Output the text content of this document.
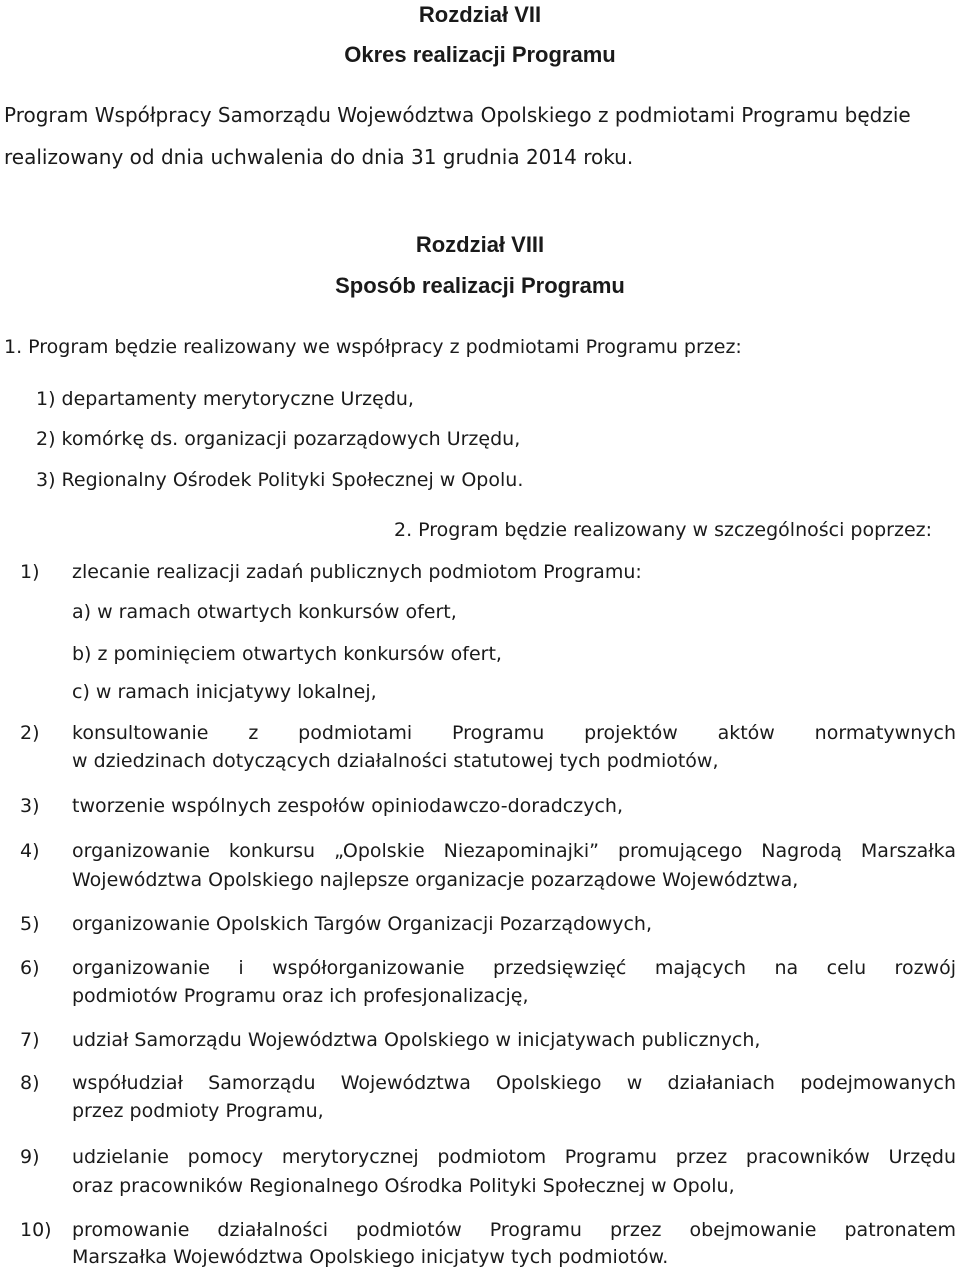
Rozdział VII
Okres realizacji Programu
Program Współpracy Samorządu Województwa Opolskiego z podmiotami Programu będzie
realizowany od dnia uchwalenia do dnia 31 grudnia 2014 roku.
Rozdział VIII
Sposób realizacji Programu
1. Program będzie realizowany we współpracy z podmiotami Programu przez:
1) departamenty merytoryczne Urzędu,
2) komórkę ds. organizacji pozarządowych Urzędu,
3) Regionalny Ośrodek Polityki Społecznej w Opolu.
2. Program będzie realizowany w szczególności poprzez:
1) zlecanie realizacji zadań publicznych podmiotom Programu:
a) w ramach otwartych konkursów ofert,
b) z pominięciem otwartych konkursów ofert,
c) w ramach inicjatywy lokalnej,
2) konsultowanie z podmiotami Programu projektów aktów normatywnych
w dziedzinach dotyczących działalności statutowej tych podmiotów,
3) tworzenie wspólnych zespołów opiniodawczo-doradczych,
4) organizowanie konkursu „Opolskie Niezapominajki” promującego Nagrodą Marszałka
Województwa Opolskiego najlepsze organizacje pozarządowe Województwa,
5) organizowanie Opolskich Targów Organizacji Pozarządowych,
6) organizowanie i współorganizowanie przedsięwzięć mających na celu rozwój
podmiotów Programu oraz ich profesjonalizację,
7) udział Samorządu Województwa Opolskiego w inicjatywach publicznych,
8) współudział Samorządu Województwa Opolskiego w działaniach podejmowanych
przez podmioty Programu,
9) udzielanie pomocy merytorycznej podmiotom Programu przez pracowników Urzędu
oraz pracowników Regionalnego Ośrodka Polityki Społecznej w Opolu,
10) promowanie działalności podmiotów Programu przez obejmowanie patronatem
Marszałka Województwa Opolskiego inicjatyw tych podmiotów.
